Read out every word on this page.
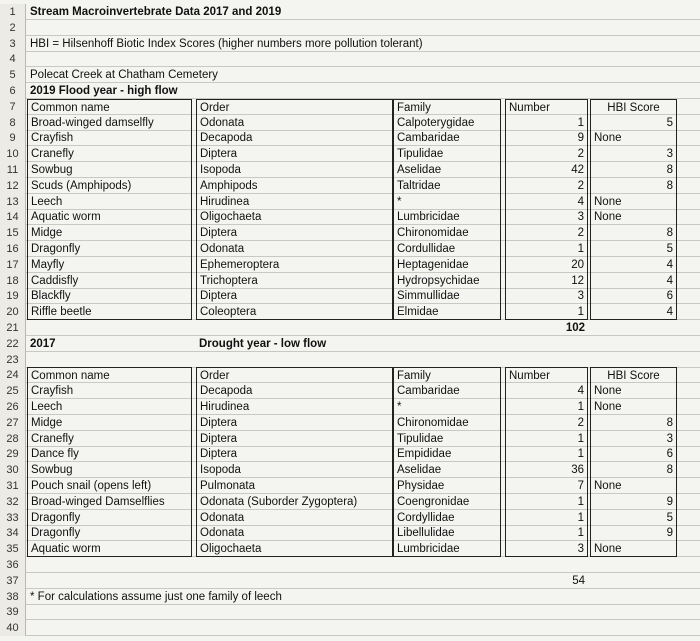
1	Stream Macroinvertebrate Data 2017 and 2019
2
3	HBI = Hilsenhoff Biotic Index Scores (higher numbers more pollution tolerant)
4
5	Polecat Creek at Chatham Cemetery
6	2019 Flood year - high flow
7	Common name	Order	Family	Number	HBI Score
8	Broad-winged damselfly	Odonata	Calpoterygidae	1	5
9	Crayfish	Decapoda	Cambaridae	9 None
10	Cranefly	Diptera	Tipulidae	2	3
11	Sowbug	Isopoda	Aselidae	42	8
12	Scuds (Amphipods)	Amphipods	Taltridae	2	8
13	Leech	Hirudinea	*	4 None
14	Aquatic worm	Oligochaeta	Lumbricidae	3 None
15	Midge	Diptera	Chironomidae	2	8
16	Dragonfly	Odonata	Cordullidae	1	5
17	Mayfly	Ephemeroptera	Heptagenidae	20	4
18	Caddisfly	Trichoptera	Hydropsychidae	12	4
19	Blackfly	Diptera	Simmullidae	3	6
20	Riffle beetle	Coleoptera	Elmidae	1	4
21	102
22 2017	Drought year - low flow
23
24	Common name	Order	Family	Number	HBI Score
25	Crayfish	Decapoda	Cambaridae	4 None
26	Leech	Hirudinea	*	1 None
27	Midge	Diptera	Chironomidae	2	8
28	Cranefly	Diptera	Tipulidae	1	3
29	Dance fly	Diptera	Empididae	1	6
30	Sowbug	Isopoda	Aselidae	36	8
31	Pouch snail (opens left)	Pulmonata	Physidae	7 None
32	Broad-winged Damselflies	Odonata (Suborder Zygoptera)	Coengronidae	1	9
33	Dragonfly	Odonata	Cordyllidae	1	5
34	Dragonfly	Odonata	Libellulidae	1	9
35	Aquatic worm	Oligochaeta	Lumbricidae	3 None
36
37	54
38 * For calculations assume just one family of leech
39
40
